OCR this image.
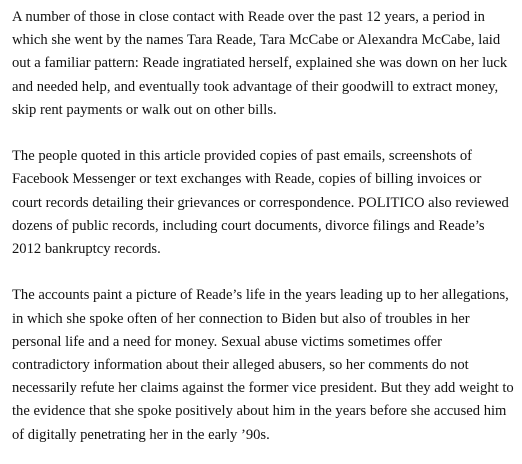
A number of those in close contact with Reade over the past 12 years, a period in which she went by the names Tara Reade, Tara McCabe or Alexandra McCabe, laid out a familiar pattern: Reade ingratiated herself, explained she was down on her luck and needed help, and eventually took advantage of their goodwill to extract money, skip rent payments or walk out on other bills.

The people quoted in this article provided copies of past emails, screenshots of Facebook Messenger or text exchanges with Reade, copies of billing invoices or court records detailing their grievances or correspondence. POLITICO also reviewed dozens of public records, including court documents, divorce filings and Reade’s 2012 bankruptcy records.

The accounts paint a picture of Reade’s life in the years leading up to her allegations, in which she spoke often of her connection to Biden but also of troubles in her personal life and a need for money. Sexual abuse victims sometimes offer contradictory information about their alleged abusers, so her comments do not necessarily refute her claims against the former vice president. But they add weight to the evidence that she spoke positively about him in the years before she accused him of digitally penetrating her in the early ’90s.
